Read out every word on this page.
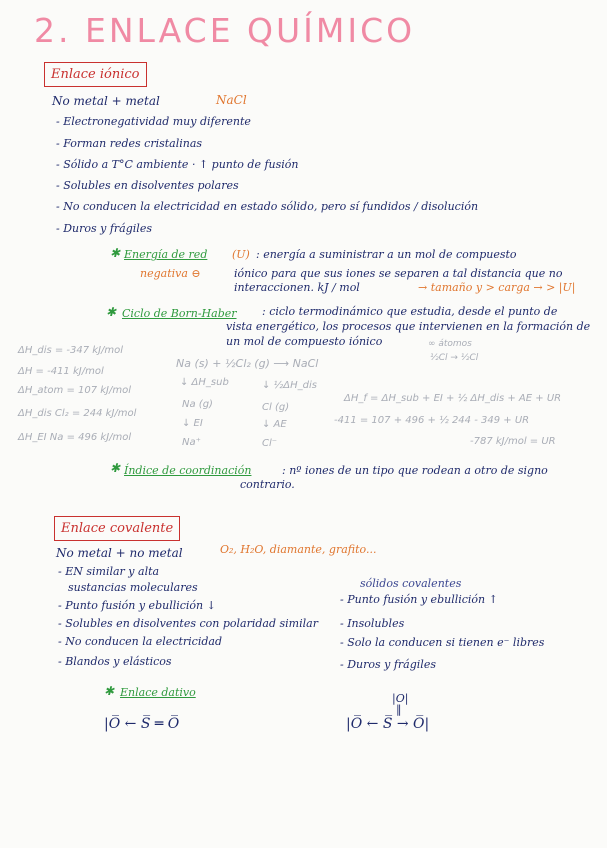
2. ENLACE QUÍMICO
Enlace iónico
No metal + metal	NaCl
- Electronegatividad muy diferente
- Forman redes cristalinas
- Sólido a T°C ambiente · ↑ punto de fusión
- Solubles en disolventes polares
- No conducen la electricidad en estado sólido, pero sí fundidos / disolución
- Duros y frágiles
✱ Energía de red (U) : energía a suministrar a un mol de compuesto
negativa ⊖	iónico para que sus iones se separen a tal distancia que no
interaccionen. kJ / mol	→ tamaño y > carga → > |U|
✱ Ciclo de Born-Haber : ciclo termodinámico que estudia, desde el punto de
vista energético, los procesos que intervienen en la formación de
un mol de compuesto iónico
ΔH_dis = -347 kJ/mol
ΔH = -411 kJ/mol
ΔH_atom = 107 kJ/mol
ΔH_dis Cl₂ = 244 kJ/mol
ΔH_EI Na = 496 kJ/mol
Na (s) + ½Cl₂ (g) ⟶ NaCl
↓ ΔH_sub
Na (g)
↓ EI
Na⁺
↓ ½ΔH_dis
Cl (g)
↓ AE
Cl⁻
∞ átomos
½Cl → ½Cl
ΔH_f = ΔH_sub + EI + ½ ΔH_dis + AE + UR
-411 = 107 + 496 + ½ 244 - 349 + UR
-787 kJ/mol = UR
✱ Índice de coordinación	: nº iones de un tipo que rodean a otro de signo
contrario.
Enlace covalente
No metal + no metal	O₂, H₂O, diamante, grafito...
- EN similar y alta
sustancias moleculares
- Punto fusión y ebullición ↓
- Solubles en disolventes con polaridad similar
- No conducen la electricidad
- Blandos y elásticos
sólidos covalentes
- Punto fusión y ebullición ↑
- Insolubles
- Solo la conducen si tienen e⁻ libres
- Duros y frágiles
✱ Enlace dativo
|O̅ ← S̅ ═ O̅
|O|
‖
|O̅ ← S̅ → O̅|
